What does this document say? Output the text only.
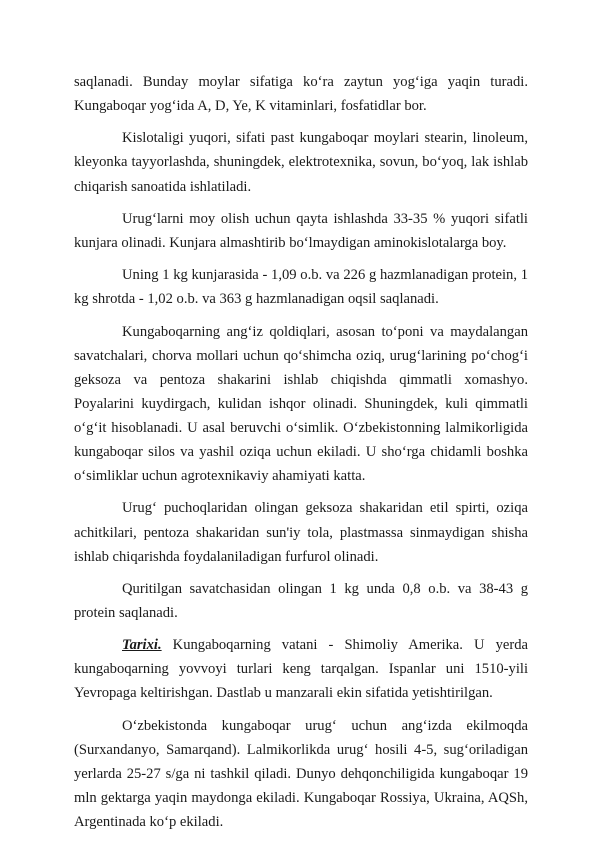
saqlanadi. Bunday moylar sifatiga ko‘ra zaytun yog‘iga yaqin turadi. Kungaboqar yog‘ida A, D, Ye, K vitaminlari, fosfatidlar bor.

Kislotaligi yuqori, sifati past kungaboqar moylari stearin, linoleum, kleyonka tayyorlashda, shuningdek, elektrotexnika, sovun, bo‘yoq, lak ishlab chiqarish sanoatida ishlatiladi.

Urug‘larni moy olish uchun qayta ishlashda 33-35 % yuqori sifatli kunjara olinadi. Kunjara almashtirib bo‘lmaydigan aminokislotalarga boy.

Uning 1 kg kunjarasida - 1,09 o.b. va 226 g hazmlanadigan protein, 1 kg shrotda - 1,02 o.b. va 363 g hazmlanadigan oqsil saqlanadi.

Kungaboqarning ang‘iz qoldiqlari, asosan to‘poni va maydalangan savatchalari, chorva mollari uchun qo‘shimcha oziq, urug‘larining po‘chog‘i geksoza va pentoza shakarini ishlab chiqishda qimmatli xomashyo. Poyalarini kuydirgach, kulidan ishqor olinadi. Shuningdek, kuli qimmatli o‘g‘it hisoblanadi. U asal beruvchi o‘simlik. O‘zbekistonning lalmikorligida kungaboqar silos va yashil oziqa uchun ekiladi. U sho‘rga chidamli boshka o‘simliklar uchun agrotexnikaviy ahamiyati katta.

Urug‘ puchoqlaridan olingan geksoza shakaridan etil spirti, oziqa achitkilari, pentoza shakaridan sun'iy tola, plastmassa sinmaydigan shisha ishlab chiqarishda foydalaniladigan furfurol olinadi.

Quritilgan savatchasidan olingan 1 kg unda 0,8 o.b. va 38-43 g protein saqlanadi.

Tarixi. Kungaboqarning vatani - Shimoliy Amerika. U yerda kungaboqarning yovvoyi turlari keng tarqalgan. Ispanlar uni 1510-yili Yevropaga keltirishgan. Dastlab u manzarali ekin sifatida yetishtirilgan.

O‘zbekistonda kungaboqar urug‘ uchun ang‘izda ekilmoqda (Surxandanyo, Samarqand). Lalmikorlikda urug‘ hosili 4-5, sug‘oriladigan yerlarda 25-27 s/ga ni tashkil qiladi. Dunyo dehqonchiligida kungaboqar 19 mln gektarga yaqin maydonga ekiladi. Kungaboqar Rossiya, Ukraina, AQSh, Argentinada ko‘p ekiladi.
